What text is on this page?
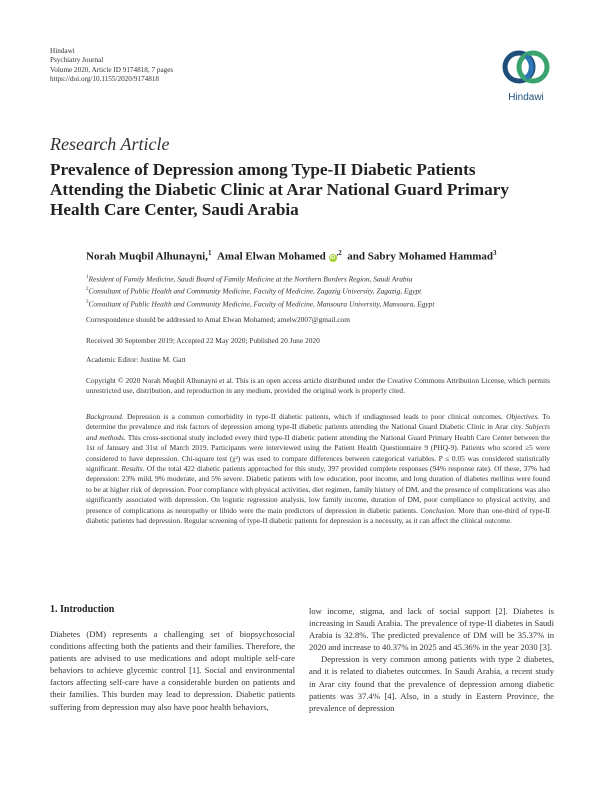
Hindawi
Psychiatry Journal
Volume 2020, Article ID 9174818, 7 pages
https://doi.org/10.1155/2020/9174818
Hindawi
Research Article
Prevalence of Depression among Type-II Diabetic Patients Attending the Diabetic Clinic at Arar National Guard Primary Health Care Center, Saudi Arabia
Norah Muqbil Alhunayni,$^1$ Amal Elwan Mohamed $iD^{,2}$ and Sabry Mohamed Hammad$^3$
$^1$Resident of Family Medicine, Saudi Board of Family Medicine at the Northern Borders Region, Saudi Arabia
$^2$Consultant of Public Health and Community Medicine, Faculty of Medicine, Zagazig University, Zagazig, Egypt
$^3$Consultant of Public Health and Community Medicine, Faculty of Medicine, Mansoura University, Mansoura, Egypt
Correspondence should be addressed to Amal Elwan Mohamed; amelw2007@gmail.com
Received 30 September 2019; Accepted 22 May 2020; Published 20 June 2020
Academic Editor: Justine M. Gatt
Copyright © 2020 Norah Muqbil Alhunayni et al. This is an open access article distributed under the Creative Commons Attribution License, which permits unrestricted use, distribution, and reproduction in any medium, provided the original work is properly cited.
Background. Depression is a common comorbidity in type-II diabetic patients, which if undiagnosed leads to poor clinical outcomes. Objectives. To determine the prevalence and risk factors of depression among type-II diabetic patients attending the National Guard Diabetic Clinic in Arar city. Subjects and methods. This cross-sectional study included every third type-II diabetic patient attending the National Guard Primary Health Care Center between the 1st of January and 31st of March 2019. Participants were interviewed using the Patient Health Questionnaire 9 (PHQ-9). Patients who scored ≥5 were considered to have depression. Chi-square test (χ²) was used to compare differences between categorical variables. P ≤ 0.05 was considered statistically significant. Results. Of the total 422 diabetic patients approached for this study, 397 provided complete responses (94% response rate). Of these, 37% had depression: 23% mild, 9% moderate, and 5% severe. Diabetic patients with low education, poor income, and long duration of diabetes mellitus were found to be at higher risk of depression. Poor compliance with physical activities, diet regimen, family history of DM, and the presence of complications was also significantly associated with depression. On logistic regression analysis, low family income, duration of DM, poor compliance to physical activity, and presence of complications as neuropathy or libido were the main predictors of depression in diabetic patients. Conclusion. More than one-third of type-II diabetic patients had depression. Regular screening of type-II diabetic patients for depression is a necessity, as it can affect the clinical outcome.
1. Introduction

Diabetes (DM) represents a challenging set of biopsychosocial conditions affecting both the patients and their families. Therefore, the patients are advised to use medications and adopt multiple self-care behaviors to achieve glycemic control [1]. Social and environmental factors affecting self-care have a considerable burden on patients and their families. This burden may lead to depression. Diabetic patients suffering from depression may also have poor health behaviors,

low income, stigma, and lack of social support [2]. Diabetes is increasing in Saudi Arabia. The prevalence of type-II diabetes in Saudi Arabia is 32.8%. The predicted prevalence of DM will be 35.37% in 2020 and increase to 40.37% in 2025 and 45.36% in the year 2030 [3].

Depression is very common among patients with type 2 diabetes, and it is related to diabetes outcomes. In Saudi Arabia, a recent study in Arar city found that the prevalence of depression among diabetic patients was 37.4% [4]. Also, in a study in Eastern Province, the prevalence of depression
